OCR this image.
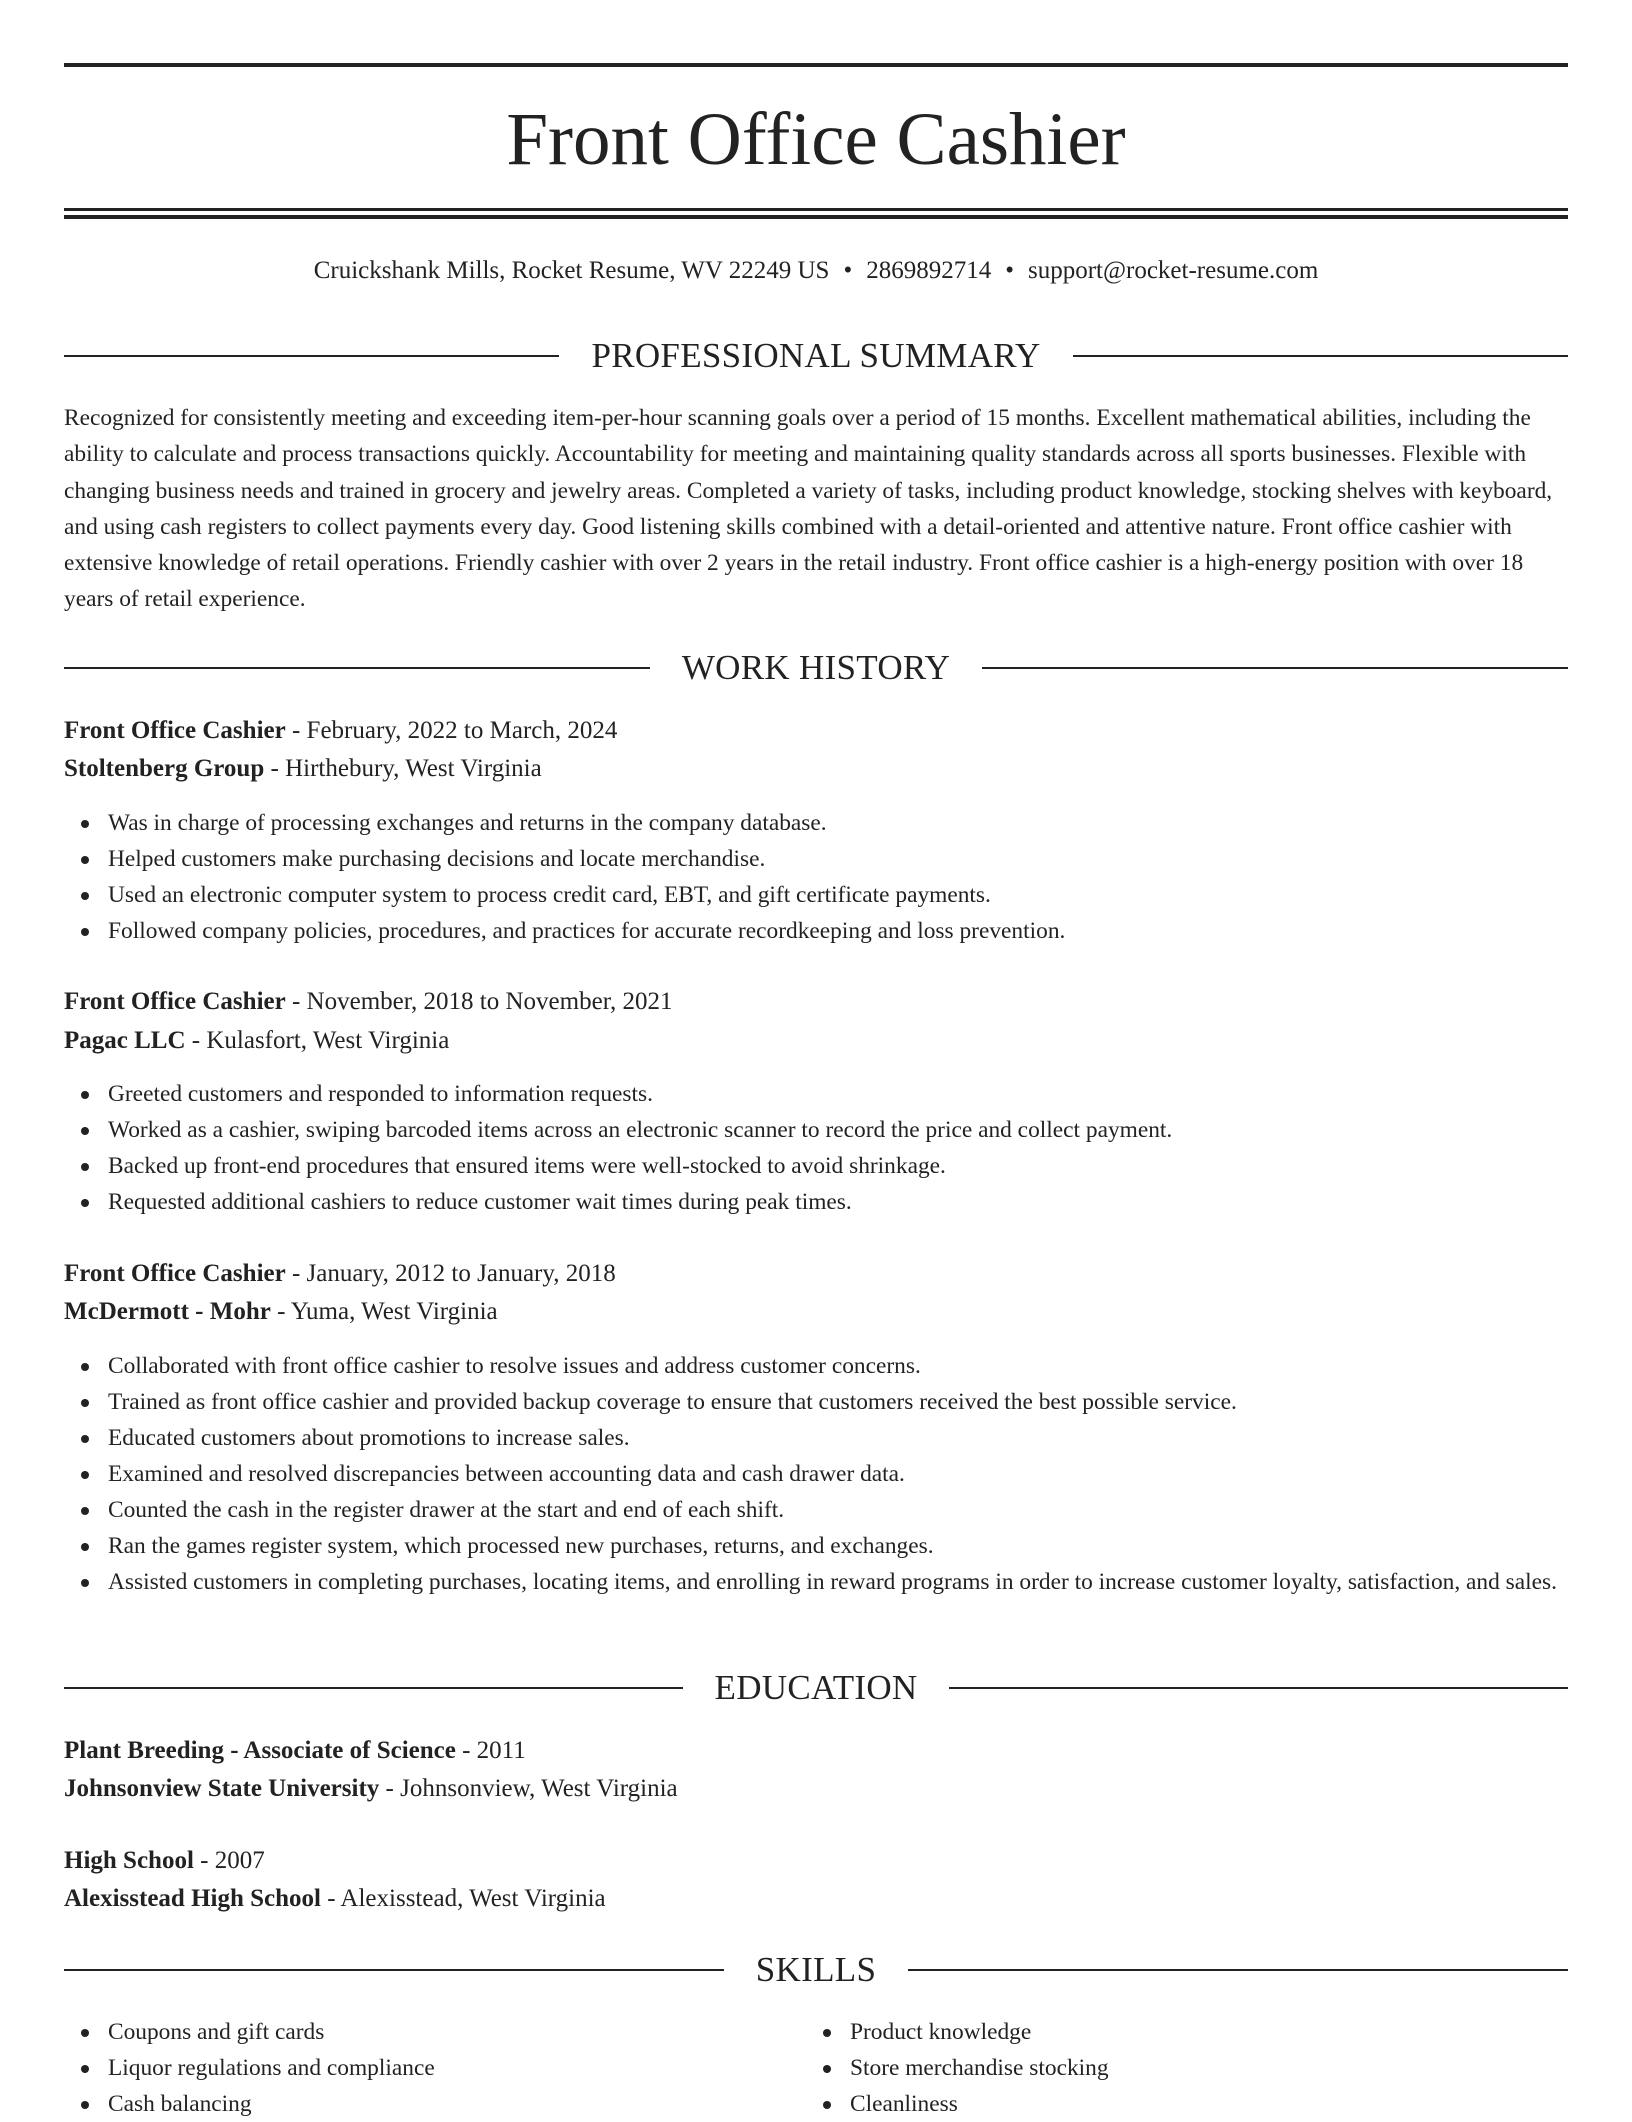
Front Office Cashier
Cruickshank Mills, Rocket Resume, WV 22249 US • 2869892714 • support@rocket-resume.com
PROFESSIONAL SUMMARY

Recognized for consistently meeting and exceeding item-per-hour scanning goals over a period of 15 months. Excellent mathematical abilities, including the ability to calculate and process transactions quickly. Accountability for meeting and maintaining quality standards across all sports businesses. Flexible with changing business needs and trained in grocery and jewelry areas. Completed a variety of tasks, including product knowledge, stocking shelves with keyboard, and using cash registers to collect payments every day. Good listening skills combined with a detail-oriented and attentive nature. Front office cashier with extensive knowledge of retail operations. Friendly cashier with over 2 years in the retail industry. Front office cashier is a high-energy position with over 18 years of retail experience.

WORK HISTORY
Front Office Cashier - February, 2022 to March, 2024
Stoltenberg Group - Hirthebury, West Virginia
Was in charge of processing exchanges and returns in the company database.
Helped customers make purchasing decisions and locate merchandise.
Used an electronic computer system to process credit card, EBT, and gift certificate payments.
Followed company policies, procedures, and practices for accurate recordkeeping and loss prevention.
Front Office Cashier - November, 2018 to November, 2021
Pagac LLC - Kulasfort, West Virginia
Greeted customers and responded to information requests.
Worked as a cashier, swiping barcoded items across an electronic scanner to record the price and collect payment.
Backed up front-end procedures that ensured items were well-stocked to avoid shrinkage.
Requested additional cashiers to reduce customer wait times during peak times.
Front Office Cashier - January, 2012 to January, 2018
McDermott - Mohr - Yuma, West Virginia
Collaborated with front office cashier to resolve issues and address customer concerns.
Trained as front office cashier and provided backup coverage to ensure that customers received the best possible service.
Educated customers about promotions to increase sales.
Examined and resolved discrepancies between accounting data and cash drawer data.
Counted the cash in the register drawer at the start and end of each shift.
Ran the games register system, which processed new purchases, returns, and exchanges.
Assisted customers in completing purchases, locating items, and enrolling in reward programs in order to increase customer loyalty, satisfaction, and sales.
EDUCATION
Plant Breeding - Associate of Science - 2011
Johnsonview State University - Johnsonview, West Virginia
High School - 2007
Alexisstead High School - Alexisstead, West Virginia
SKILLS
Coupons and gift cards
Liquor regulations and compliance
Cash balancing
Product knowledge
Store merchandise stocking
Cleanliness
